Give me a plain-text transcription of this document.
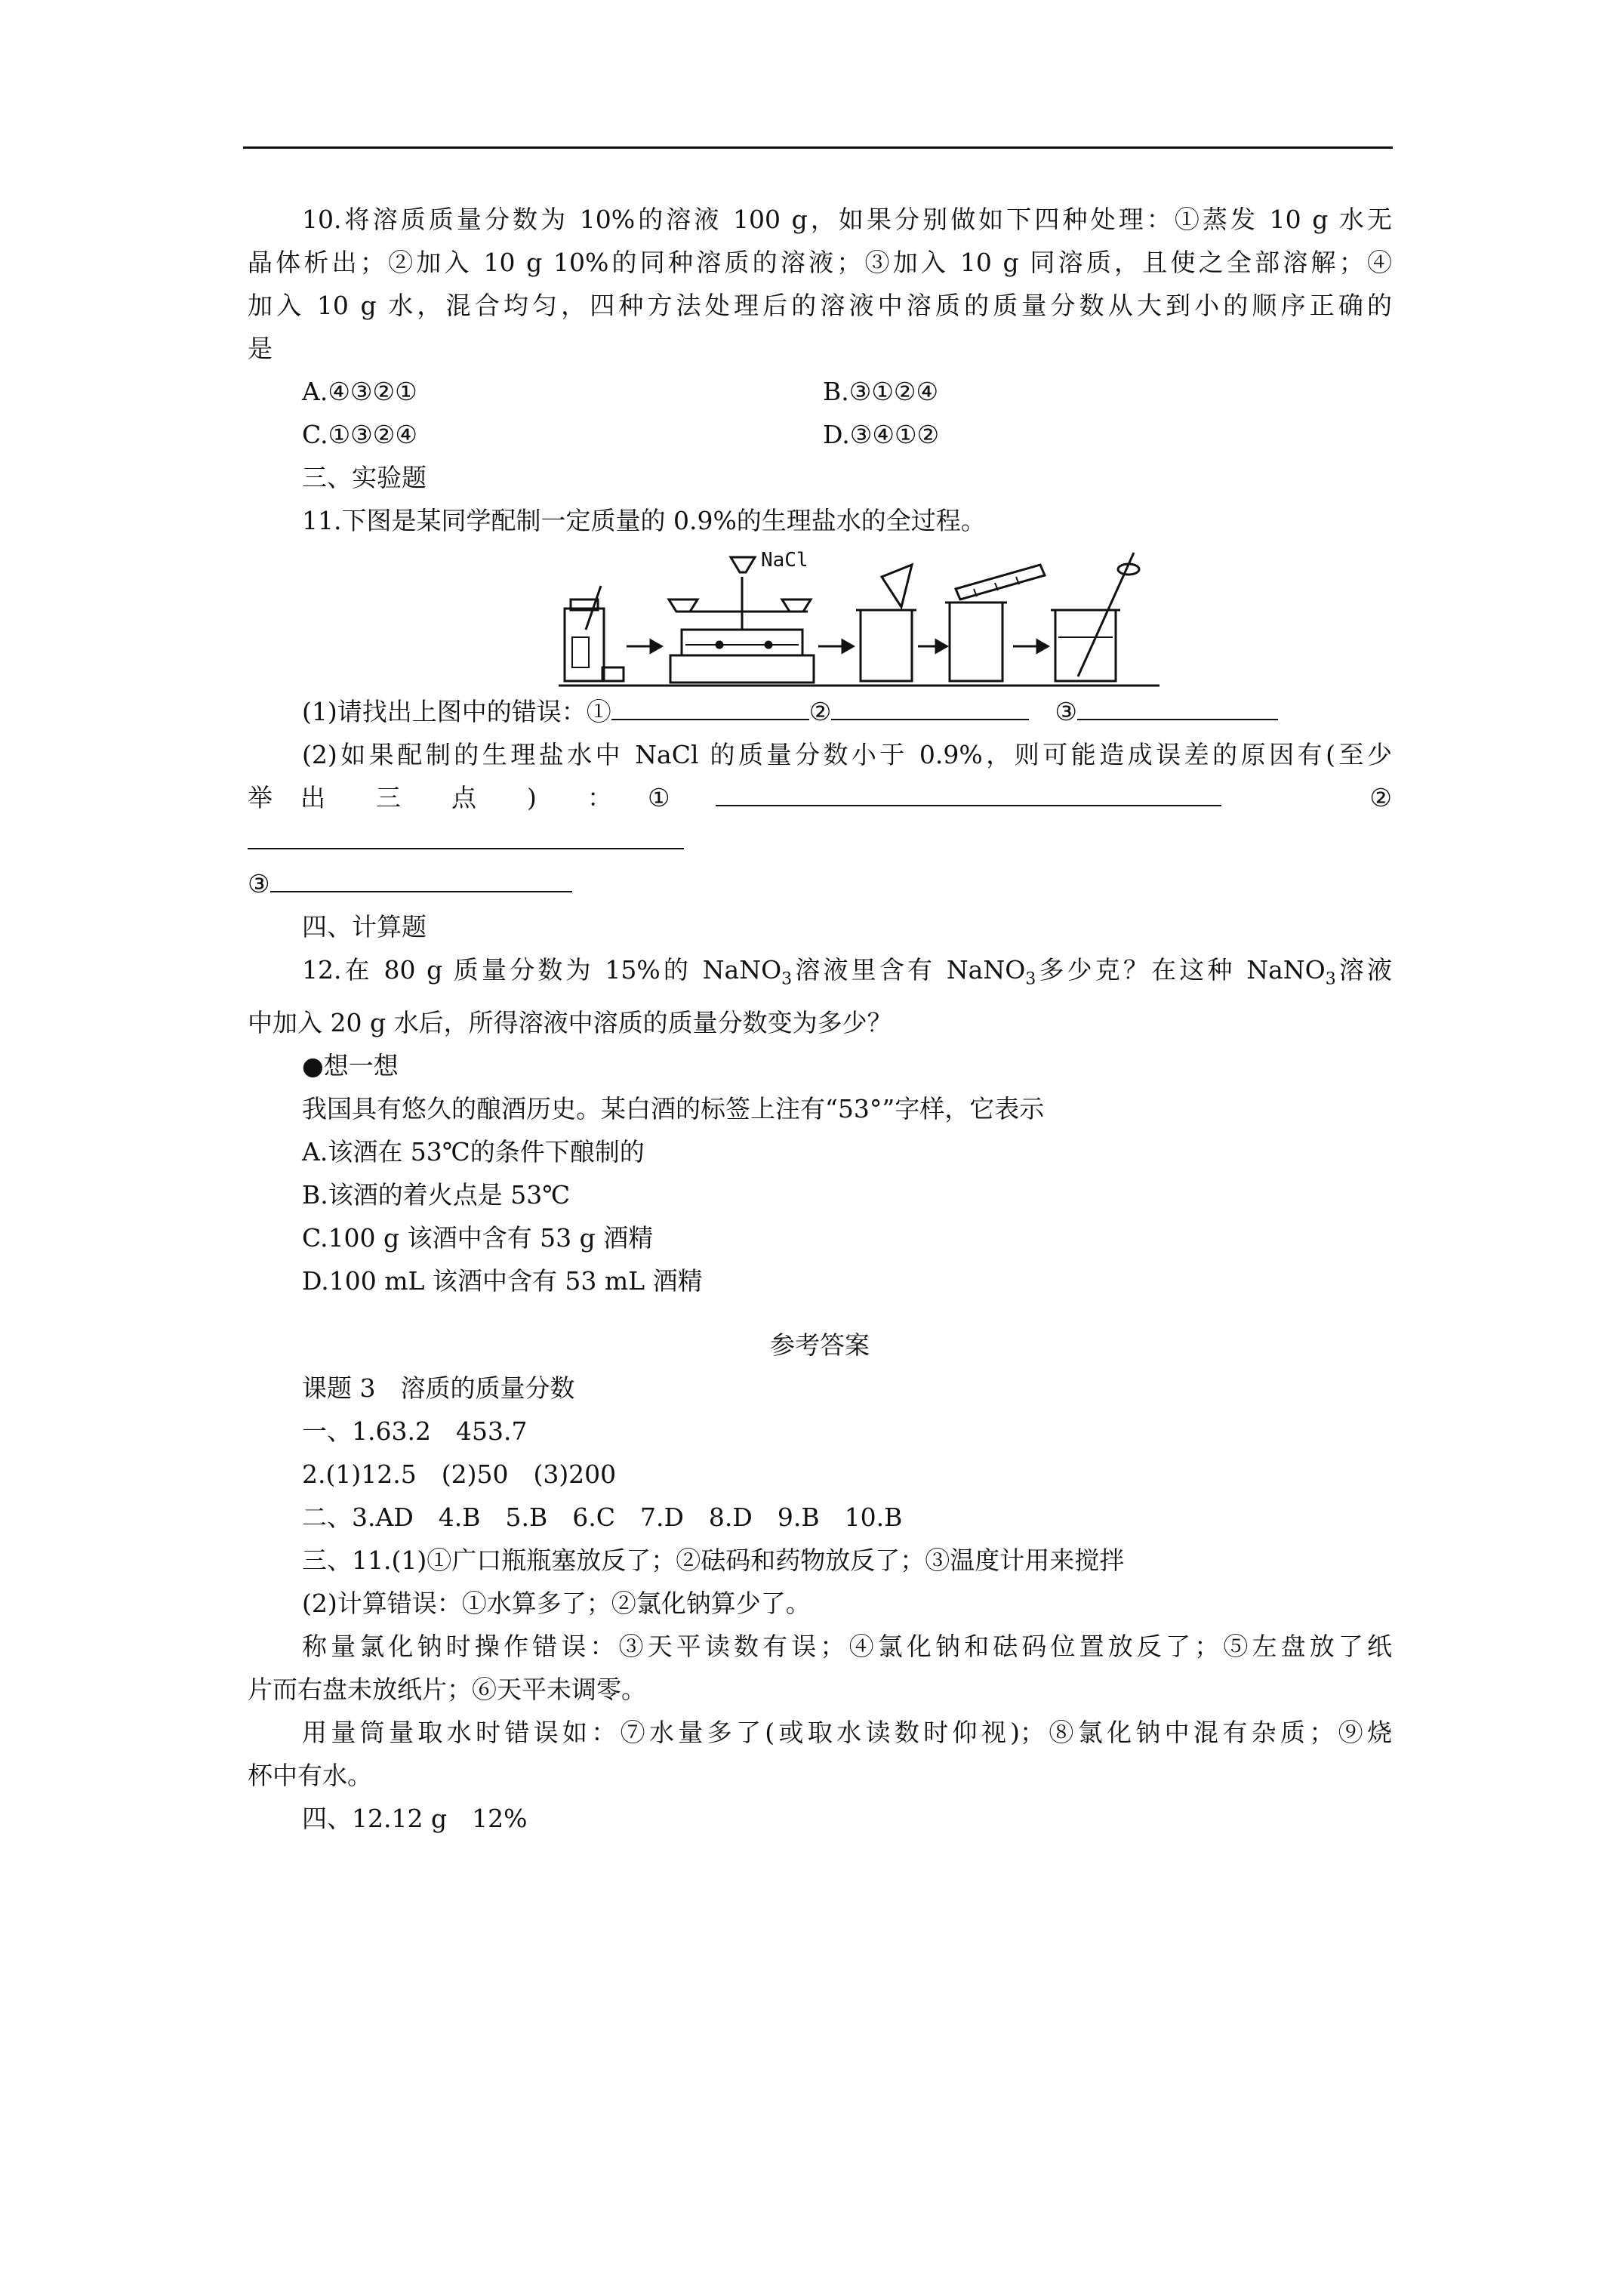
10.将溶质质量分数为 10%的溶液 100 g，如果分别做如下四种处理：①蒸发 10 g 水无
晶体析出；②加入 10 g 10%的同种溶质的溶液；③加入 10 g 同溶质，且使之全部溶解；④
加入 10 g 水，混合均匀，四种方法处理后的溶液中溶质的质量分数从大到小的顺序正确的
是
A.④③②①	B.③①②④
C.①③②④	D.③④①②
三、实验题
11.下图是某同学配制一定质量的 0.9%的生理盐水的全过程。
NaCl
(1)请找出上图中的错误：①	②	③
(2)如果配制的生理盐水中 NaCl 的质量分数小于 0.9%，则可能造成误差的原因有(至少
举	出	三	点	)	：	①	②
③
四、计算题
12.在 80 g 质量分数为 15%的 NaNO$_3$溶液里含有 NaNO$_3$多少克？在这种 NaNO$_3$溶液
中加入 20 g 水后，所得溶液中溶质的质量分数变为多少？
●想一想
我国具有悠久的酿酒历史。某白酒的标签上注有“53°”字样，它表示
A.该酒在 53℃的条件下酿制的
B.该酒的着火点是 53℃
C.100 g 该酒中含有 53 g 酒精
D.100 mL 该酒中含有 53 mL 酒精
参考答案
课题 3　溶质的质量分数
一、1.63.2　453.7
2.(1)12.5　(2)50　(3)200
二、3.AD　4.B　5.B　6.C　7.D　8.D　9.B　10.B
三、11.(1)①广口瓶瓶塞放反了；②砝码和药物放反了；③温度计用来搅拌
(2)计算错误：①水算多了；②氯化钠算少了。
称量氯化钠时操作错误：③天平读数有误；④氯化钠和砝码位置放反了；⑤左盘放了纸
片而右盘未放纸片；⑥天平未调零。
用量筒量取水时错误如：⑦水量多了(或取水读数时仰视)；⑧氯化钠中混有杂质；⑨烧
杯中有水。
四、12.12 g　12%
